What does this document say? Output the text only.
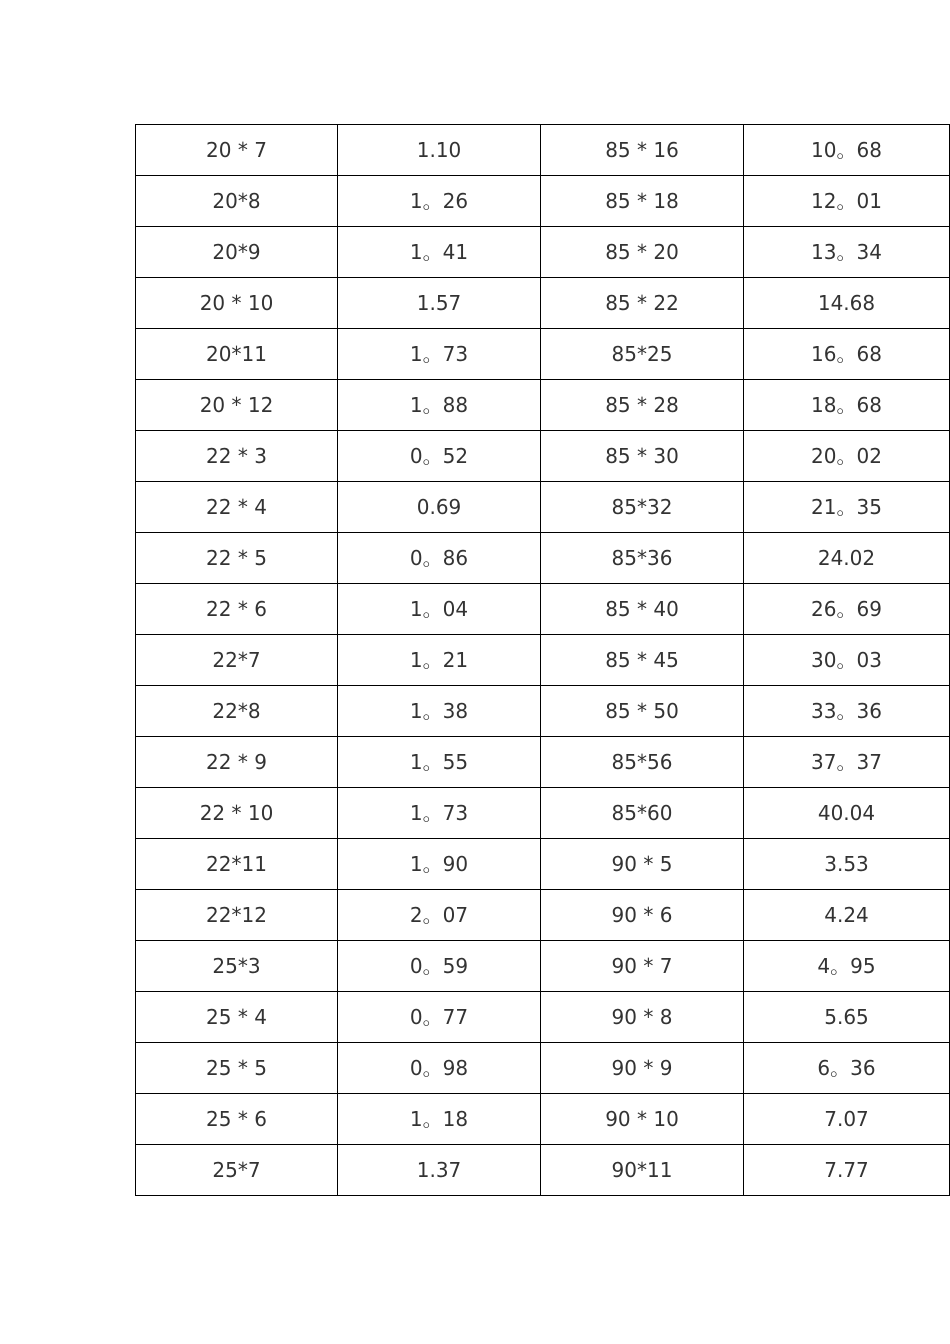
20 * 7	1.10	85 * 16	10。68
20*8	1。26	85 * 18	12。01
20*9	1。41	85 * 20	13。34
20 * 10	1.57	85 * 22	14.68
20*11	1。73	85*25	16。68
20 * 12	1。88	85 * 28	18。68
22 * 3	0。52	85 * 30	20。02
22 * 4	0.69	85*32	21。35
22 * 5	0。86	85*36	24.02
22 * 6	1。04	85 * 40	26。69
22*7	1。21	85 * 45	30。03
22*8	1。38	85 * 50	33。36
22 * 9	1。55	85*56	37。37
22 * 10	1。73	85*60	40.04
22*11	1。90	90 * 5	3.53
22*12	2。07	90 * 6	4.24
25*3	0。59	90 * 7	4。95
25 * 4	0。77	90 * 8	5.65
25 * 5	0。98	90 * 9	6。36
25 * 6	1。18	90 * 10	7.07
25*7	1.37	90*11	7.77
